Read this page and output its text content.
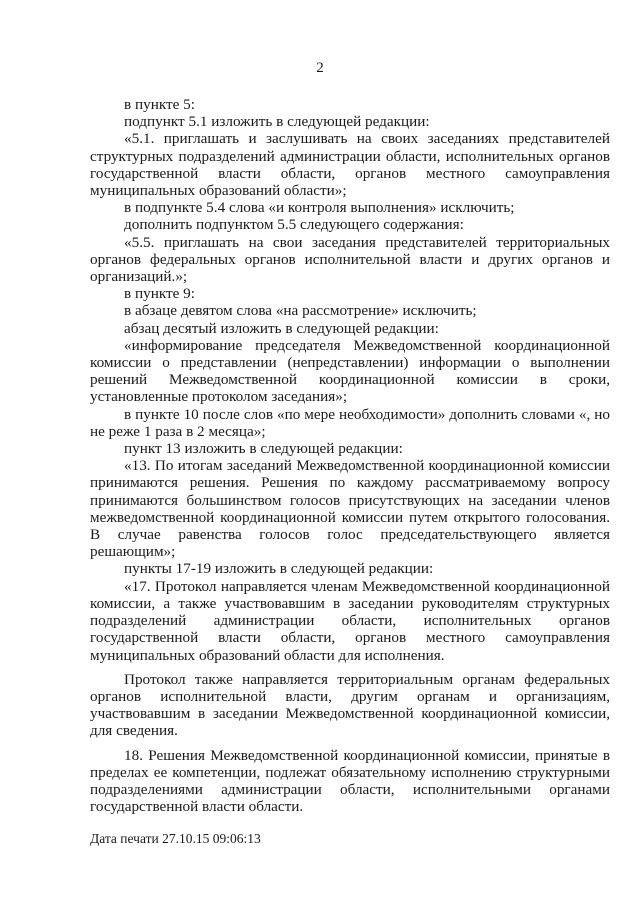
2

в пункте 5:

подпункт 5.1 изложить в следующей редакции:

«5.1. приглашать и заслушивать на своих заседаниях представителей структурных подразделений администрации области, исполнительных органов государственной власти области, органов местного самоуправления муниципальных образований области»;

в подпункте 5.4 слова «и контроля выполнения» исключить;

дополнить подпунктом 5.5 следующего содержания:

«5.5. приглашать на свои заседания представителей территориальных органов федеральных органов исполнительной власти и других органов и организаций.»;

в пункте 9:

в абзаце девятом слова «на рассмотрение» исключить;

абзац десятый изложить в следующей редакции:

«информирование председателя Межведомственной координационной комиссии о представлении (непредставлении) информации о выполнении решений Межведомственной координационной комиссии в сроки, установленные протоколом заседания»;

в пункте 10 после слов «по мере необходимости» дополнить словами «, но не реже 1 раза в 2 месяца»;

пункт 13 изложить в следующей редакции:

«13. По итогам заседаний Межведомственной координационной комиссии принимаются решения. Решения по каждому рассматриваемому вопросу принимаются большинством голосов присутствующих на заседании членов межведомственной координационной комиссии путем открытого голосования. В случае равенства голосов голос председательствующего является решающим»;

пункты 17-19 изложить в следующей редакции:

«17. Протокол направляется членам Межведомственной координационной комиссии, а также участвовавшим в заседании руководителям структурных подразделений администрации области, исполнительных органов государственной власти области, органов местного самоуправления муниципальных образований области для исполнения.

Протокол также направляется территориальным органам федеральных органов исполнительной власти, другим органам и организациям, участвовавшим в заседании Межведомственной координационной комиссии, для сведения.

18. Решения Межведомственной координационной комиссии, принятые в пределах ее компетенции, подлежат обязательному исполнению структурными подразделениями администрации области, исполнительными органами государственной власти области.

Дата печати 27.10.15 09:06:13
